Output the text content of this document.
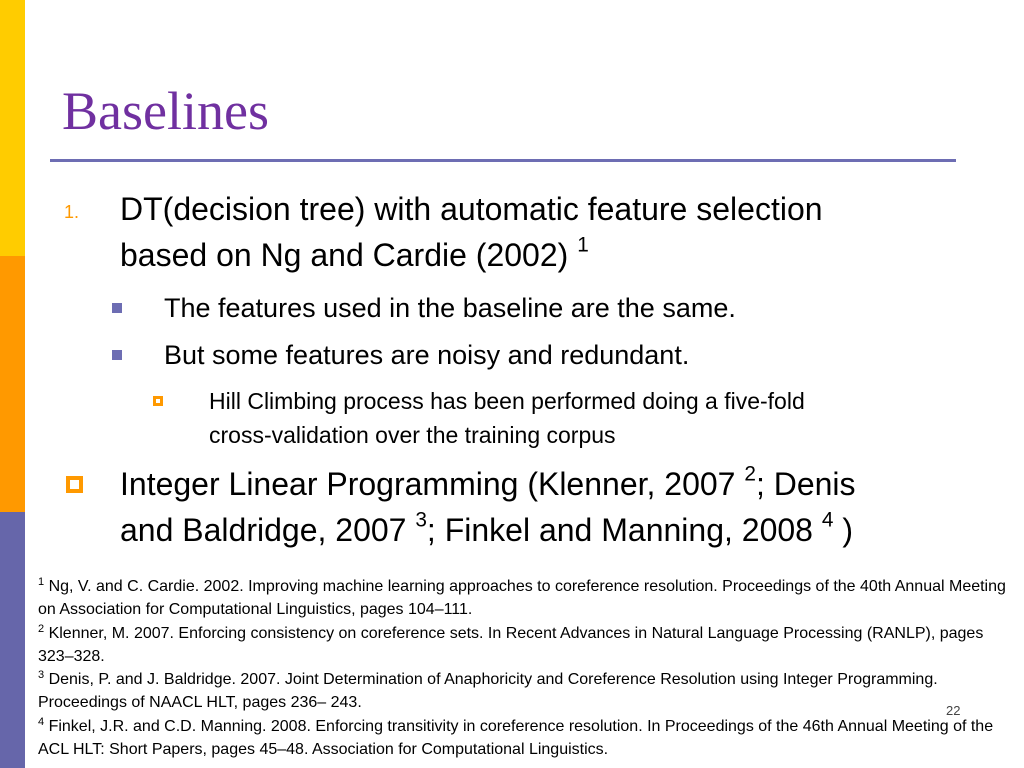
Baselines
1. DT(decision tree) with automatic feature selection
based on Ng and Cardie (2002) $^1$
The features used in the baseline are the same.
But some features are noisy and redundant.
Hill Climbing process has been performed doing a five-fold
cross-validation over the training corpus
Integer Linear Programming (Klenner, 2007 $^2$; Denis
and Baldridge, 2007 $^3$; Finkel and Manning, 2008 $^4$ )
$^1$ Ng, V. and C. Cardie. 2002. Improving machine learning approaches to coreference resolution. Proceedings of the 40th Annual Meeting on Association for Computational Linguistics, pages 104–111.
$^2$ Klenner, M. 2007. Enforcing consistency on coreference sets. In Recent Advances in Natural Language Processing (RANLP), pages 323–328.
$^3$ Denis, P. and J. Baldridge. 2007. Joint Determination of Anaphoricity and Coreference Resolution using Integer Programming. Proceedings of NAACL HLT, pages 236– 243.
$^4$ Finkel, J.R. and C.D. Manning. 2008. Enforcing transitivity in coreference resolution. In Proceedings of the 46th Annual Meeting of the ACL HLT: Short Papers, pages 45–48. Association for Computational Linguistics.
22
